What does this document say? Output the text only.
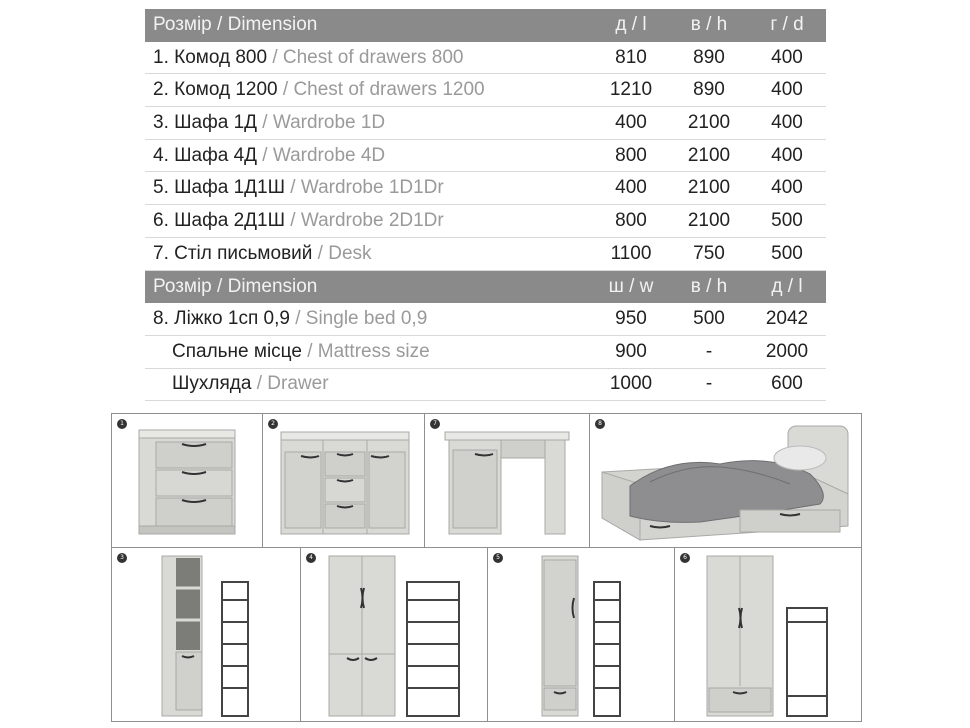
Розмір / Dimension	д / l	в / h	г / d
1. Комод 800 / Chest of drawers 800	810	890	400
2. Комод 1200 / Chest of drawers 1200	1210	890	400
3. Шафа 1Д / Wardrobe 1D	400	2100	400
4. Шафа 4Д / Wardrobe 4D	800	2100	400
5. Шафа 1Д1Ш / Wardrobe 1D1Dr	400	2100	400
6. Шафа 2Д1Ш / Wardrobe 2D1Dr	800	2100	500
7. Стіл письмовий / Desk	1100	750	500
Розмір / Dimension	ш / w	в / h	д / l
8. Ліжко 1сп 0,9 / Single bed 0,9	950	500	2042
Спальне місце / Mattress size	900	-	2000
Шухляда / Drawer	1000	-	600
1	2	7	8
3	4	5	6
